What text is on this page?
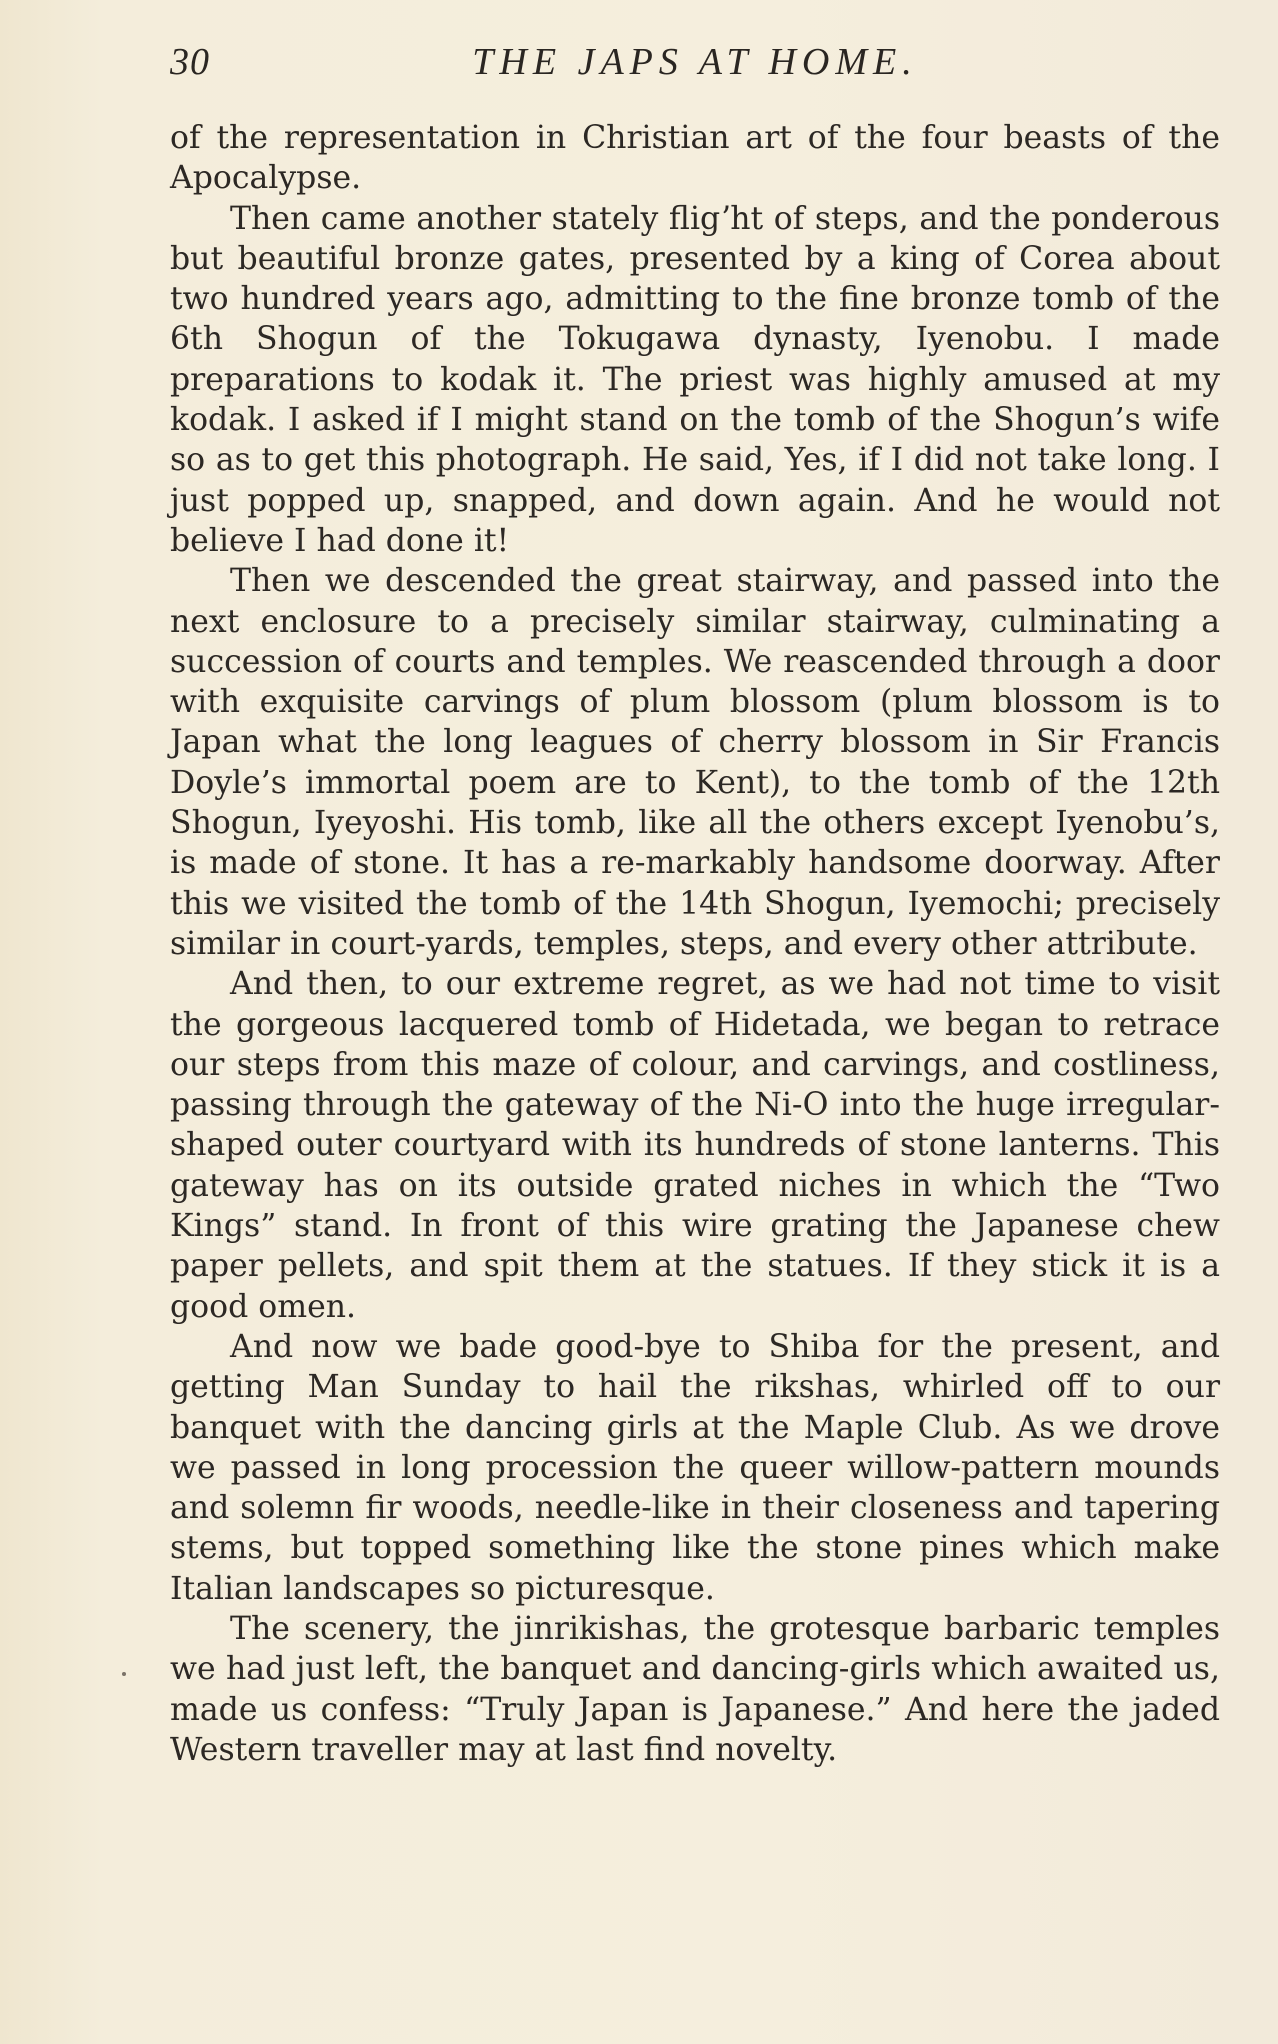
30	THE JAPS AT HOME.

of the representation in Christian art of the four beasts of the Apocalypse.

Then came another stately fligʼht of steps, and the ponderous but beautiful bronze gates, presented by a king of Corea about two hundred years ago, admitting to the fine bronze tomb of the 6th Shogun of the Tokugawa dynasty, Iyenobu. I made preparations to kodak it. The priest was highly amused at my kodak. I asked if I might stand on the tomb of the Shogun’s wife so as to get this photograph. He said, Yes, if I did not take long. I just popped up, snapped, and down again. And he would not believe I had done it!

Then we descended the great stairway, and passed into the next enclosure to a precisely similar stairway, culminating a succession of courts and temples. We reascended through a door with exquisite carvings of plum blossom (plum blossom is to Japan what the long leagues of cherry blossom in Sir Francis Doyle’s immortal poem are to Kent), to the tomb of the 12th Shogun, Iyeyoshi. His tomb, like all the others except Iyenobu’s, is made of stone. It has a re-markably handsome doorway. After this we visited the tomb of the 14th Shogun, Iyemochi; precisely similar in court-yards, temples, steps, and every other attribute.

And then, to our extreme regret, as we had not time to visit the gorgeous lacquered tomb of Hidetada, we began to retrace our steps from this maze of colour, and carvings, and costliness, passing through the gateway of the Ni-O into the huge irregular-shaped outer courtyard with its hundreds of stone lanterns. This gateway has on its outside grated niches in which the “Two Kings” stand. In front of this wire grating the Japanese chew paper pellets, and spit them at the statues. If they stick it is a good omen.

And now we bade good-bye to Shiba for the present, and getting Man Sunday to hail the rikshas, whirled off to our banquet with the dancing girls at the Maple Club. As we drove we passed in long procession the queer willow-pattern mounds and solemn fir woods, needle-like in their closeness and tapering stems, but topped something like the stone pines which make Italian landscapes so picturesque.

The scenery, the jinrikishas, the grotesque barbaric temples we had just left, the banquet and dancing-girls which awaited us, made us confess: “Truly Japan is Japanese.” And here the jaded Western traveller may at last find novelty.
